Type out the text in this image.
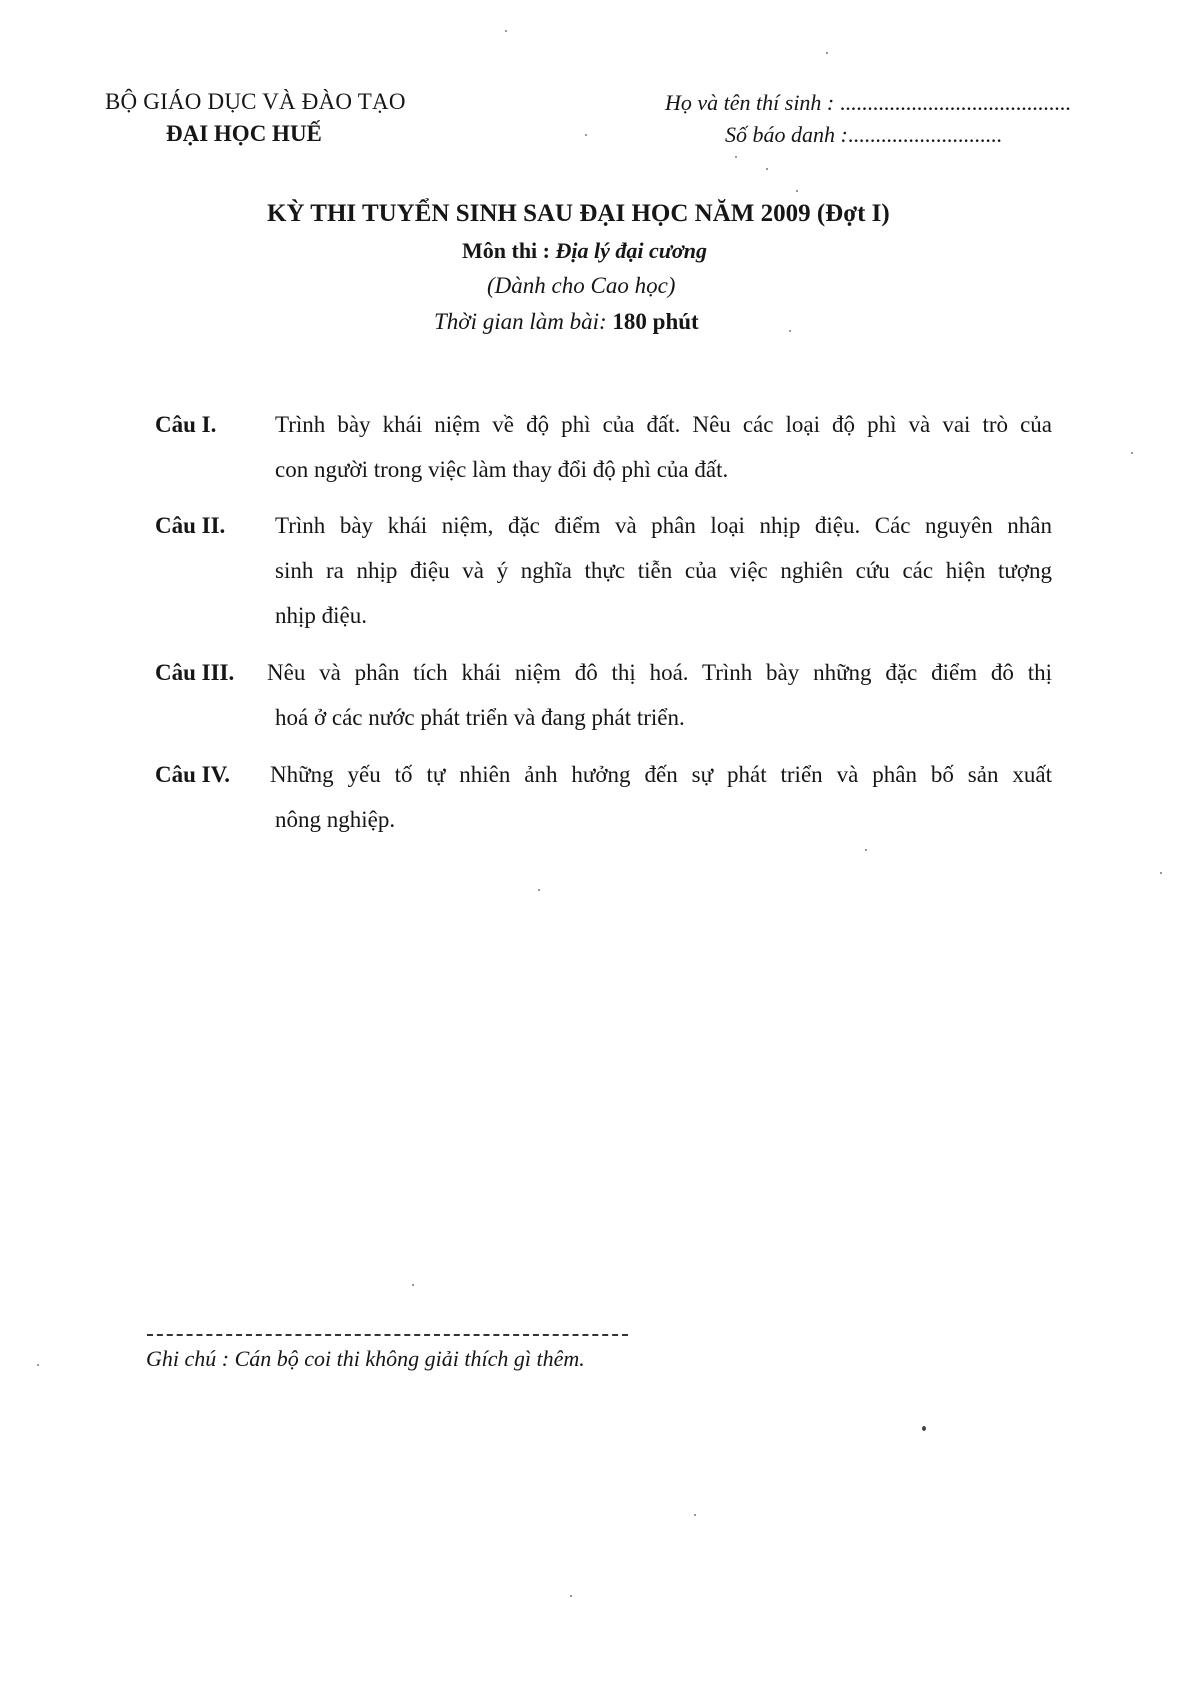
BỘ GIÁO DỤC VÀ ĐÀO TẠO
ĐẠI HỌC HUẾ
Họ và tên thí sinh : ..........................................
Số báo danh :............................
KỲ THI TUYỂN SINH SAU ĐẠI HỌC NĂM 2009 (Đợt I)
Môn thi : Địa lý đại cương
(Dành cho Cao học)
Thời gian làm bài: 180 phút
Câu I.	Trình bày khái niệm về độ phì của đất. Nêu các loại độ phì và vai trò của
con người trong việc làm thay đổi độ phì của đất.
Câu II. Trình bày khái niệm, đặc điểm và phân loại nhịp điệu. Các nguyên nhân
sinh ra nhịp điệu và ý nghĩa thực tiễn của việc nghiên cứu các hiện tượng
nhịp điệu.
Câu III. Nêu và phân tích khái niệm đô thị hoá. Trình bày những đặc điểm đô thị
hoá ở các nước phát triển và đang phát triển.
Câu IV. Những yếu tố tự nhiên ảnh hưởng đến sự phát triển và phân bố sản xuất
nông nghiệp.
Ghi chú : Cán bộ coi thi không giải thích gì thêm.
